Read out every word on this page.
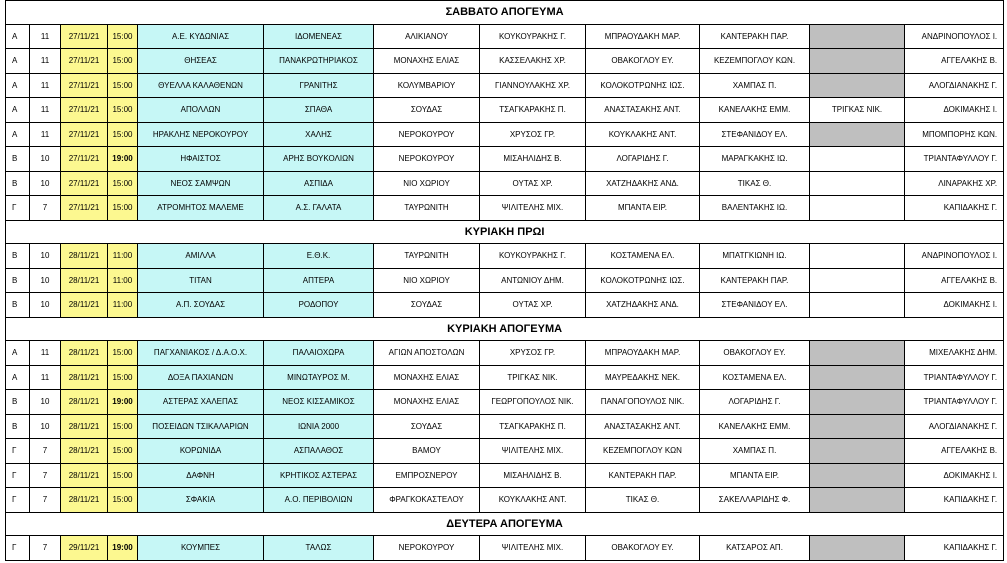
ΣΑΒΒΑΤΟ ΑΠΟΓΕΥΜΑ											
Α	11	27/11/21	15:00	Α.Ε. ΚΥΔΩΝΙΑΣ	ΙΔΟΜΕΝΕΑΣ	ΑΛΙΚΙΑΝΟΥ	ΚΟΥΚΟΥΡΑΚΗΣ Γ.	ΜΠΡΑΟΥΔΑΚΗ ΜΑΡ.	ΚΑΝΤΕΡΑΚΗ ΠΑΡ.		ΑΝΔΡΙΝΟΠΟΥΛΟΣ Ι.
Α	11	27/11/21	15:00	ΘΗΣΕΑΣ	ΠΑΝΑΚΡΩΤΗΡΙΑΚΟΣ	ΜΟΝΑΧΗΣ ΕΛΙΑΣ	ΚΑΣΣΕΛΑΚΗΣ ΧΡ.	ΟΒΑΚΟΓΛΟΥ ΕΥ.	ΚΕΖΕΜΠΟΓΛΟΥ ΚΩΝ.		ΑΓΓΕΛΑΚΗΣ Β.
Α	11	27/11/21	15:00	ΘΥΕΛΛΑ ΚΑΛΑΘΕΝΩΝ	ΓΡΑΝΙΤΗΣ	ΚΟΛΥΜΒΑΡΙΟΥ	ΓΙΑΝΝΟΥΛΑΚΗΣ ΧΡ.	ΚΟΛΟΚΟΤΡΩΝΗΣ ΙΩΣ.	ΧΑΜΠΑΣ Π.		ΑΛΟΓΔΙΑΝΑΚΗΣ Γ.
Α	11	27/11/21	15:00	ΑΠΟΛΛΩΝ	ΣΠΑΘΑ	ΣΟΥΔΑΣ	ΤΣΑΓΚΑΡΑΚΗΣ Π.	ΑΝΑΣΤΑΣΑΚΗΣ ΑΝΤ.	ΚΑΝΕΛΑΚΗΣ ΕΜΜ.	ΤΡΙΓΚΑΣ ΝΙΚ.	ΔΟΚΙΜΑΚΗΣ Ι.
Α	11	27/11/21	15:00	ΗΡΑΚΛΗΣ ΝΕΡΟΚΟΥΡΟΥ	ΧΑΛΗΣ	ΝΕΡΟΚΟΥΡΟΥ	ΧΡΥΣΟΣ ΓΡ.	ΚΟΥΚΛΑΚΗΣ ΑΝΤ.	ΣΤΕΦΑΝΙΔΟΥ ΕΛ.		ΜΠΟΜΠΟΡΗΣ ΚΩΝ.
Β	10	27/11/21	19:00	ΗΦΑΙΣΤΟΣ	ΑΡΗΣ ΒΟΥΚΟΛΙΩΝ	ΝΕΡΟΚΟΥΡΟΥ	ΜΙΣΑΗΛΙΔΗΣ Β.	ΛΟΓΑΡΙΔΗΣ Γ.	ΜΑΡΑΓΚΑΚΗΣ ΙΩ.		ΤΡΙΑΝΤΑΦΥΛΛΟΥ Γ.
Β	10	27/11/21	15:00	ΝΕΟΣ ΣΑΜΨΩΝ	ΑΣΠΙΔΑ	ΝΙΟ ΧΩΡΙΟΥ	ΟΥΤΑΣ ΧΡ.	ΧΑΤΖΗΔΑΚΗΣ ΑΝΔ.	ΤΙΚΑΣ Θ.		ΛΙΝΑΡΑΚΗΣ ΧΡ.
Γ	7	27/11/21	15:00	ΑΤΡΟΜΗΤΟΣ ΜΑΛΕΜΕ	Α.Σ. ΓΑΛΑΤΑ	ΤΑΥΡΩΝΙΤΗ	ΨΙΛΙΤΕΛΗΣ ΜΙΧ.	ΜΠΑΝΤΑ ΕΙΡ.	ΒΑΛΕΝΤΑΚΗΣ ΙΩ.		ΚΑΠΙΔΑΚΗΣ Γ.
ΚΥΡΙΑΚΗ ΠΡΩΙ											
Β	10	28/11/21	11:00	ΑΜΙΛΛΑ	Ε.Θ.Κ.	ΤΑΥΡΩΝΙΤΗ	ΚΟΥΚΟΥΡΑΚΗΣ Γ.	ΚΟΣΤΑΜΕΝΑ ΕΛ.	ΜΠΑΤΓΚΙΩΝΗ ΙΩ.		ΑΝΔΡΙΝΟΠΟΥΛΟΣ Ι.
Β	10	28/11/21	11:00	ΤΙΤΑΝ	ΑΠΤΕΡΑ	ΝΙΟ ΧΩΡΙΟΥ	ΑΝΤΩΝΙΟΥ ΔΗΜ.	ΚΟΛΟΚΟΤΡΩΝΗΣ ΙΩΣ.	ΚΑΝΤΕΡΑΚΗ ΠΑΡ.		ΑΓΓΕΛΑΚΗΣ Β.
Β	10	28/11/21	11:00	Α.Π. ΣΟΥΔΑΣ	ΡΟΔΟΠΟΥ	ΣΟΥΔΑΣ	ΟΥΤΑΣ ΧΡ.	ΧΑΤΖΗΔΑΚΗΣ ΑΝΔ.	ΣΤΕΦΑΝΙΔΟΥ ΕΛ.		ΔΟΚΙΜΑΚΗΣ Ι.
ΚΥΡΙΑΚΗ ΑΠΟΓΕΥΜΑ											
Α	11	28/11/21	15:00	ΠΑΓΧΑΝΙΑΚΟΣ / Δ.Α.Ο.Χ.	ΠΑΛΑΙΟΧΩΡΑ	ΑΓΙΩΝ ΑΠΟΣΤΟΛΩΝ	ΧΡΥΣΟΣ ΓΡ.	ΜΠΡΑΟΥΔΑΚΗ ΜΑΡ.	ΟΒΑΚΟΓΛΟΥ ΕΥ.		ΜΙΧΕΛΑΚΗΣ ΔΗΜ.
Α	11	28/11/21	15:00	ΔΟΞΑ ΠΑΧΙΑΝΩΝ	ΜΙΝΩΤΑΥΡΟΣ Μ.	ΜΟΝΑΧΗΣ ΕΛΙΑΣ	ΤΡΙΓΚΑΣ ΝΙΚ.	ΜΑΥΡΕΔΑΚΗΣ ΝΕΚ.	ΚΟΣΤΑΜΕΝΑ ΕΛ.		ΤΡΙΑΝΤΑΦΥΛΛΟΥ Γ.
Β	10	28/11/21	19:00	ΑΣΤΕΡΑΣ ΧΑΛΕΠΑΣ	ΝΕΟΣ ΚΙΣΣΑΜΙΚΟΣ	ΜΟΝΑΧΗΣ ΕΛΙΑΣ	ΓΕΩΡΓΟΠΟΥΛΟΣ ΝΙΚ.	ΠΑΝΑΓΟΠΟΥΛΟΣ ΝΙΚ.	ΛΟΓΑΡΙΔΗΣ Γ.		ΤΡΙΑΝΤΑΦΥΛΛΟΥ Γ.
Β	10	28/11/21	15:00	ΠΟΣΕΙΔΩΝ ΤΣΙΚΑΛΑΡΙΩΝ	ΙΩΝΙΑ 2000	ΣΟΥΔΑΣ	ΤΣΑΓΚΑΡΑΚΗΣ Π.	ΑΝΑΣΤΑΣΑΚΗΣ ΑΝΤ.	ΚΑΝΕΛΑΚΗΣ ΕΜΜ.		ΑΛΟΓΔΙΑΝΑΚΗΣ Γ.
Γ	7	28/11/21	15:00	ΚΟΡΩΝΙΔΑ	ΑΣΠΑΛΑΘΟΣ	ΒΑΜΟΥ	ΨΙΛΙΤΕΛΗΣ ΜΙΧ.	ΚΕΖΕΜΠΟΓΛΟΥ ΚΩΝ	ΧΑΜΠΑΣ Π.		ΑΓΓΕΛΑΚΗΣ Β.
Γ	7	28/11/21	15:00	ΔΑΦΝΗ	ΚΡΗΤΙΚΟΣ ΑΣΤΕΡΑΣ	ΕΜΠΡΟΣΝΕΡΟΥ	ΜΙΣΑΗΛΙΔΗΣ Β.	ΚΑΝΤΕΡΑΚΗ ΠΑΡ.	ΜΠΑΝΤΑ ΕΙΡ.		ΔΟΚΙΜΑΚΗΣ Ι.
Γ	7	28/11/21	15:00	ΣΦΑΚΙΑ	Α.Ο. ΠΕΡΙΒΟΛΙΩΝ	ΦΡΑΓΚΟΚΑΣΤΕΛΟΥ	ΚΟΥΚΛΑΚΗΣ ΑΝΤ.	ΤΙΚΑΣ Θ.	ΣΑΚΕΛΛΑΡΙΔΗΣ Φ.		ΚΑΠΙΔΑΚΗΣ Γ.
ΔΕΥΤΕΡΑ ΑΠΟΓΕΥΜΑ											
Γ	7	29/11/21	19:00	ΚΟΥΜΠΕΣ	ΤΑΛΩΣ	ΝΕΡΟΚΟΥΡΟΥ	ΨΙΛΙΤΕΛΗΣ ΜΙΧ.	ΟΒΑΚΟΓΛΟΥ ΕΥ.	ΚΑΤΣΑΡΟΣ ΑΠ.		ΚΑΠΙΔΑΚΗΣ Γ.
